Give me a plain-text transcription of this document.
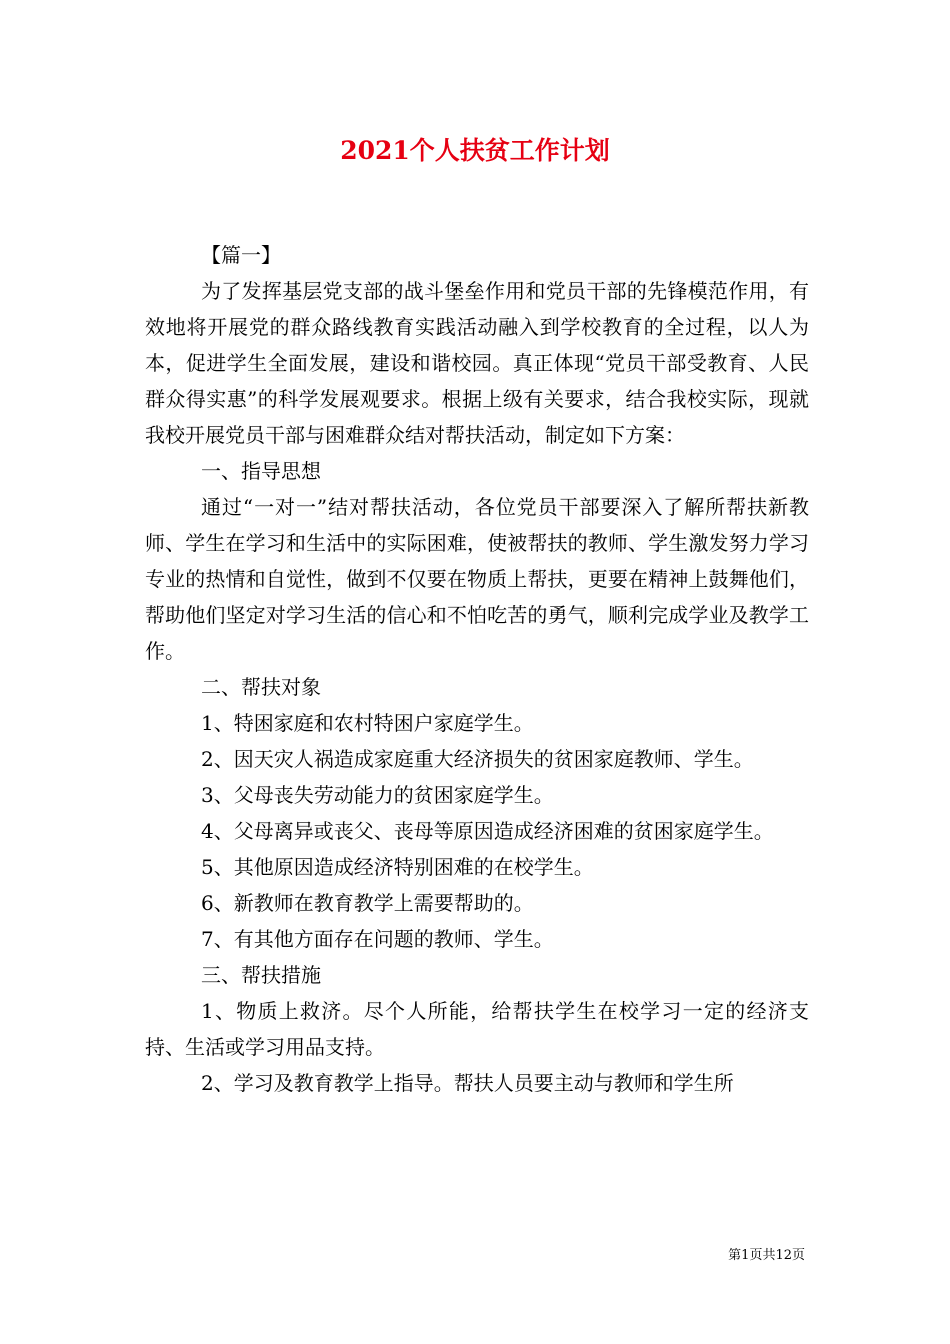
2021个人扶贫工作计划

【篇一】

为了发挥基层党支部的战斗堡垒作用和党员干部的先锋模范作用，有效地将开展党的群众路线教育实践活动融入到学校教育的全过程，以人为本，促进学生全面发展，建设和谐校园。真正体现“党员干部受教育、人民群众得实惠”的科学发展观要求。根据上级有关要求，结合我校实际，现就我校开展党员干部与困难群众结对帮扶活动，制定如下方案：

一、指导思想

通过“一对一”结对帮扶活动，各位党员干部要深入了解所帮扶新教师、学生在学习和生活中的实际困难，使被帮扶的教师、学生激发努力学习专业的热情和自觉性，做到不仅要在物质上帮扶，更要在精神上鼓舞他们，帮助他们坚定对学习生活的信心和不怕吃苦的勇气，顺利完成学业及教学工作。

二、帮扶对象

1、特困家庭和农村特困户家庭学生。

2、因天灾人祸造成家庭重大经济损失的贫困家庭教师、学生。

3、父母丧失劳动能力的贫困家庭学生。

4、父母离异或丧父、丧母等原因造成经济困难的贫困家庭学生。

5、其他原因造成经济特别困难的在校学生。

6、新教师在教育教学上需要帮助的。

7、有其他方面存在问题的教师、学生。

三、帮扶措施

1、物质上救济。尽个人所能，给帮扶学生在校学习一定的经济支持、生活或学习用品支持。

2、学习及教育教学上指导。帮扶人员要主动与教师和学生所

第1页共12页
